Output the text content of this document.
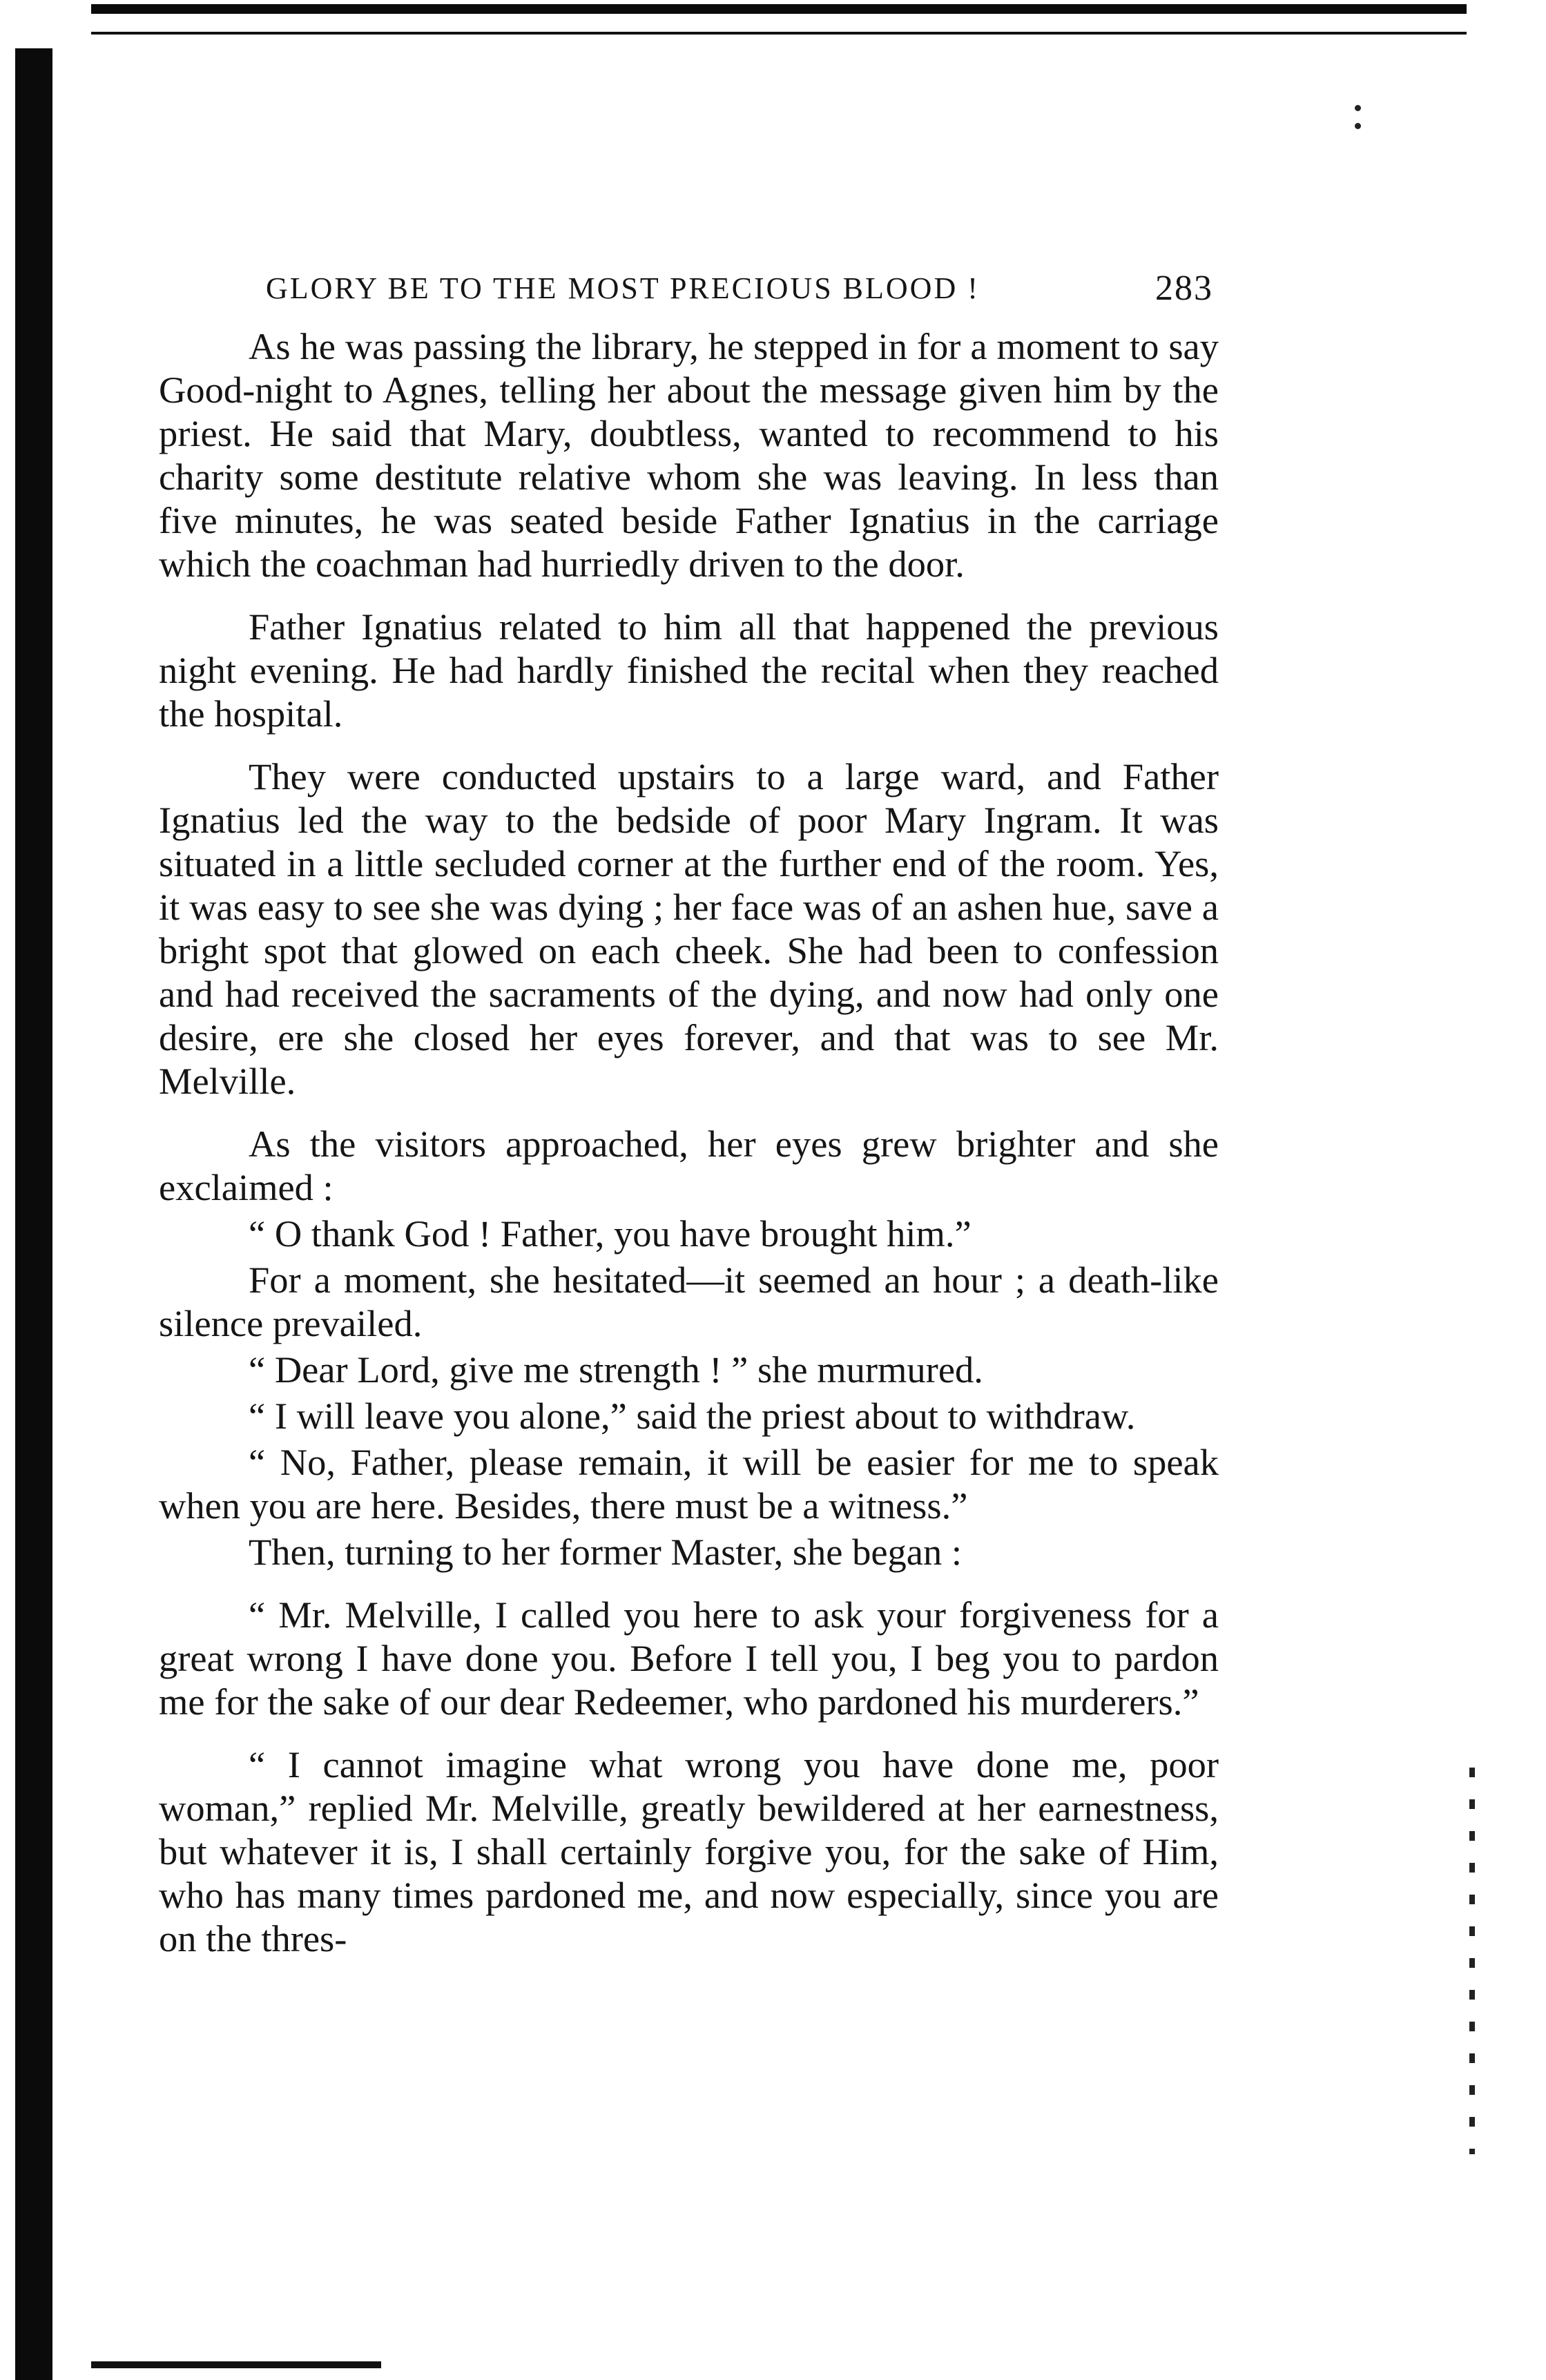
GLORY BE TO THE MOST PRECIOUS BLOOD !	283

As he was passing the library, he stepped in for a moment to say Good-night to Agnes, telling her about the message given him by the priest. He said that Mary, doubtless, wanted to recommend to his charity some destitute relative whom she was leaving. In less than five minutes, he was seated beside Father Ignatius in the carriage which the coachman had hurriedly driven to the door.

Father Ignatius related to him all that happened the previous night evening. He had hardly finished the recital when they reached the hospital.

They were conducted upstairs to a large ward, and Father Ignatius led the way to the bedside of poor Mary Ingram. It was situated in a little secluded corner at the further end of the room. Yes, it was easy to see she was dying ; her face was of an ashen hue, save a bright spot that glowed on each cheek. She had been to confession and had received the sacraments of the dying, and now had only one desire, ere she closed her eyes forever, and that was to see Mr. Melville.

As the visitors approached, her eyes grew brighter and she exclaimed :

“ O thank God ! Father, you have brought him.”

For a moment, she hesitated—it seemed an hour ; a death-like silence prevailed.

“ Dear Lord, give me strength ! ” she murmured.

“ I will leave you alone,” said the priest about to withdraw.

“ No, Father, please remain, it will be easier for me to speak when you are here. Besides, there must be a witness.”

Then, turning to her former Master, she began :

“ Mr. Melville, I called you here to ask your forgiveness for a great wrong I have done you. Before I tell you, I beg you to pardon me for the sake of our dear Redeemer, who pardoned his murderers.”

“ I cannot imagine what wrong you have done me, poor woman,” replied Mr. Melville, greatly bewildered at her earnestness, but whatever it is, I shall certainly forgive you, for the sake of Him, who has many times pardoned me, and now especially, since you are on the thres-
